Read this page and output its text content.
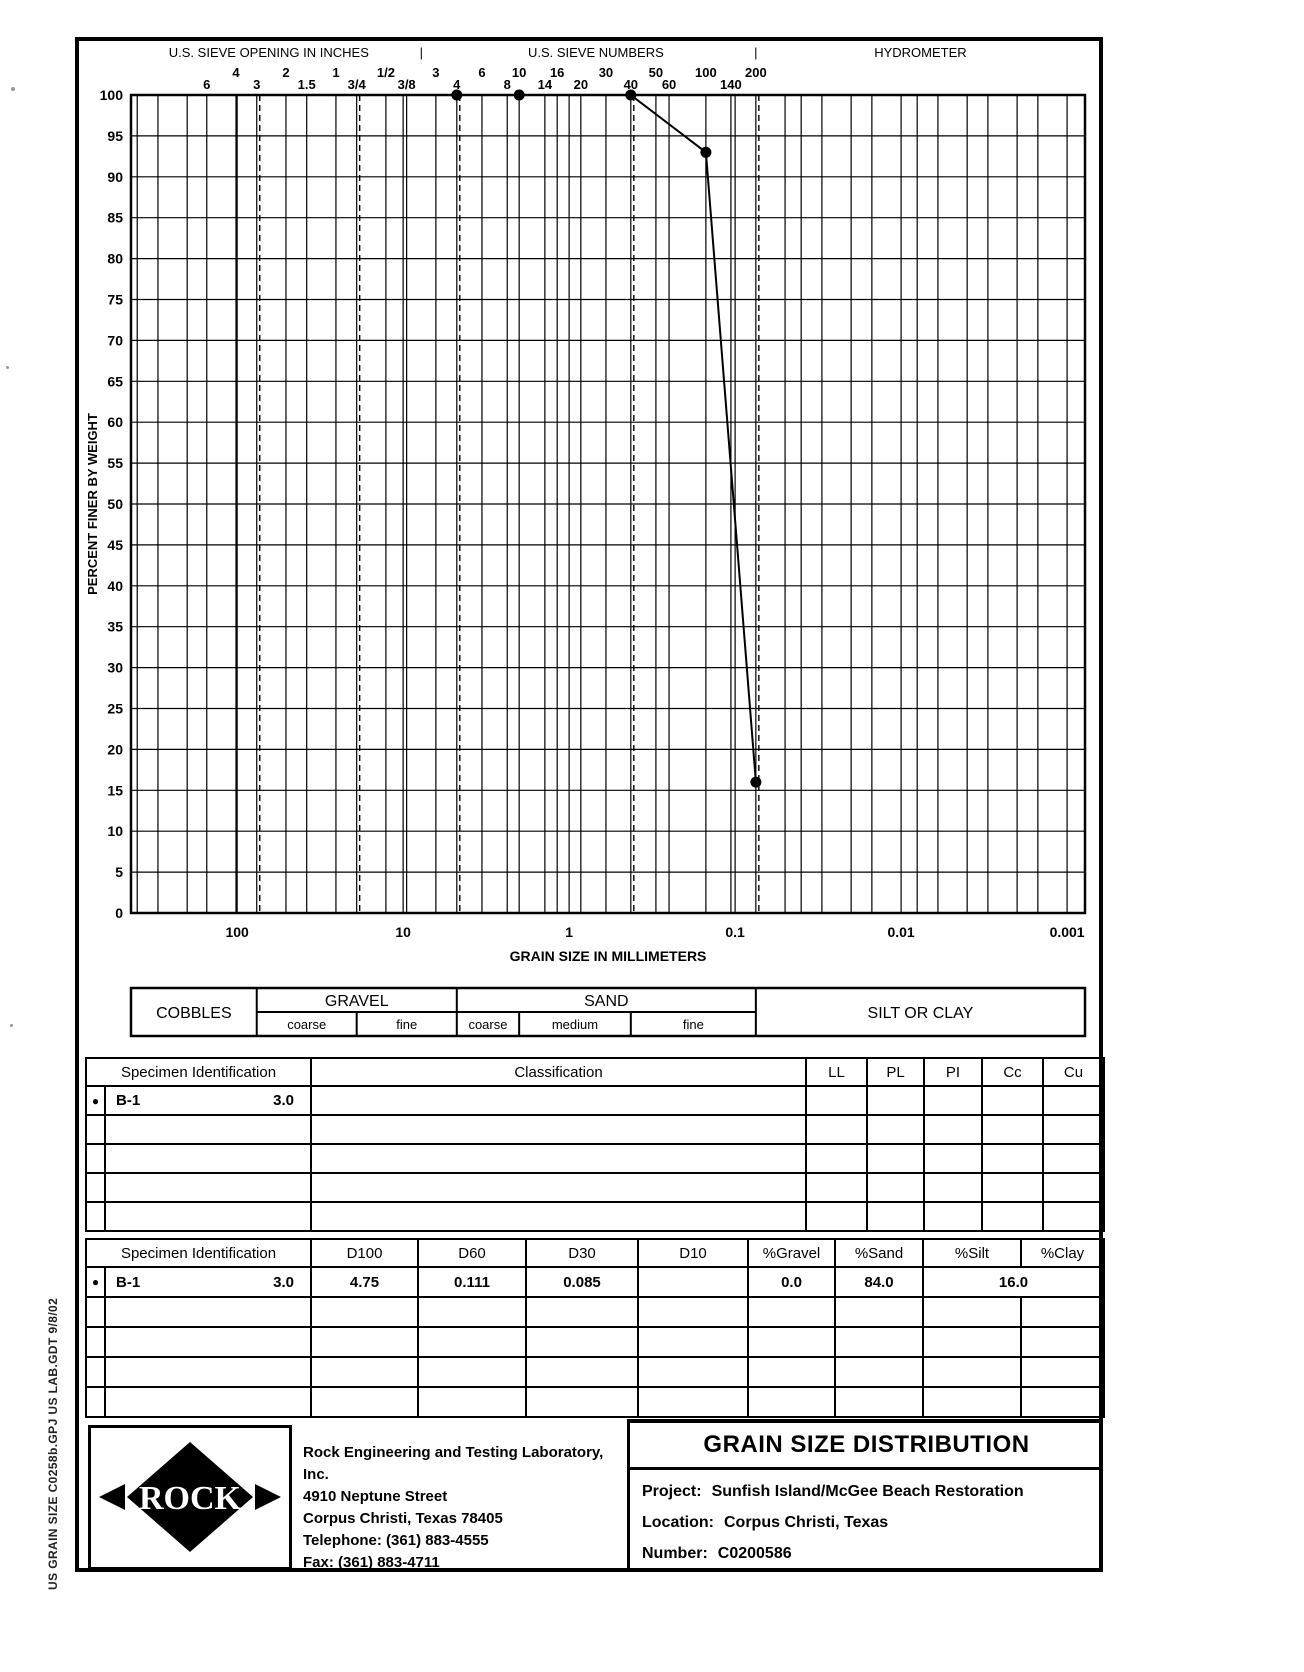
6
4
3
2
1.5
1
3/4
1/2
3/8
3
4
6
8
10
14
16
20
30
40
50
60
100
140
200
U.S. SIEVE OPENING IN INCHES	|	U.S. SIEVE NUMBERS	|	HYDROMETER
100
95
90
85
80
75
70
65
60
55
50
45
40
35
30
25
20
15
10
5
0
PERCENT FINER BY WEIGHT
100	10	1	0.1	0.01	0.001
GRAIN SIZE IN MILLIMETERS
COBBLES
GRAVEL
coarse	fine
SAND
coarse	medium	fine
SILT OR CLAY
Specimen Identification		Classification	LL	PL	PI	Cc	Cu
●	B-1 3.0						

Specimen Identification		D100	D60	D30	D10	%Gravel	%Sand	%Silt	%Clay
●	B-1 3.0	4.75	0.111	0.085		0.0	84.0	16.0	

ROCK
Rock Engineering and Testing Laboratory, Inc.
4910 Neptune Street
Corpus Christi, Texas 78405
Telephone: (361) 883-4555
Fax: (361) 883-4711
GRAIN SIZE DISTRIBUTION
Project: Sunfish Island/McGee Beach Restoration
Location: Corpus Christi, Texas
Number: C0200586
US GRAIN SIZE C0258b.GPJ US LAB.GDT 9/8/02
